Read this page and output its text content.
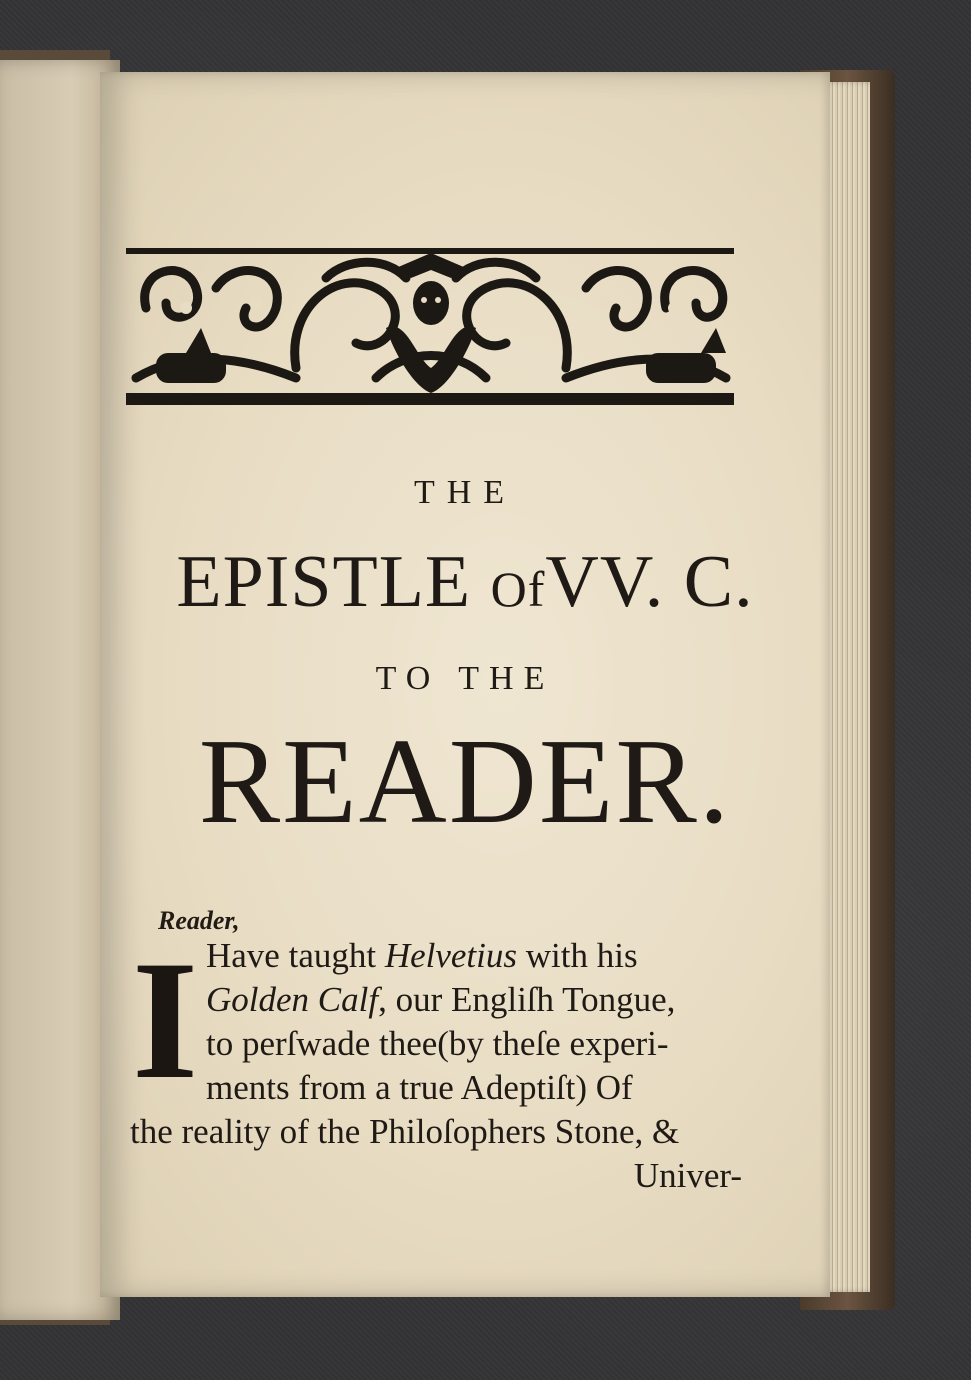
THE
EPISTLE OfVV. C.
TO THE
READER.
Reader,
I Have taught Helvetius with his
Golden Calf, our Engliſh Tongue,
to perſwade thee(by theſe experi-
ments from a true Adeptiſt) Of
the reality of the Philoſophers Stone, &
Univer-
